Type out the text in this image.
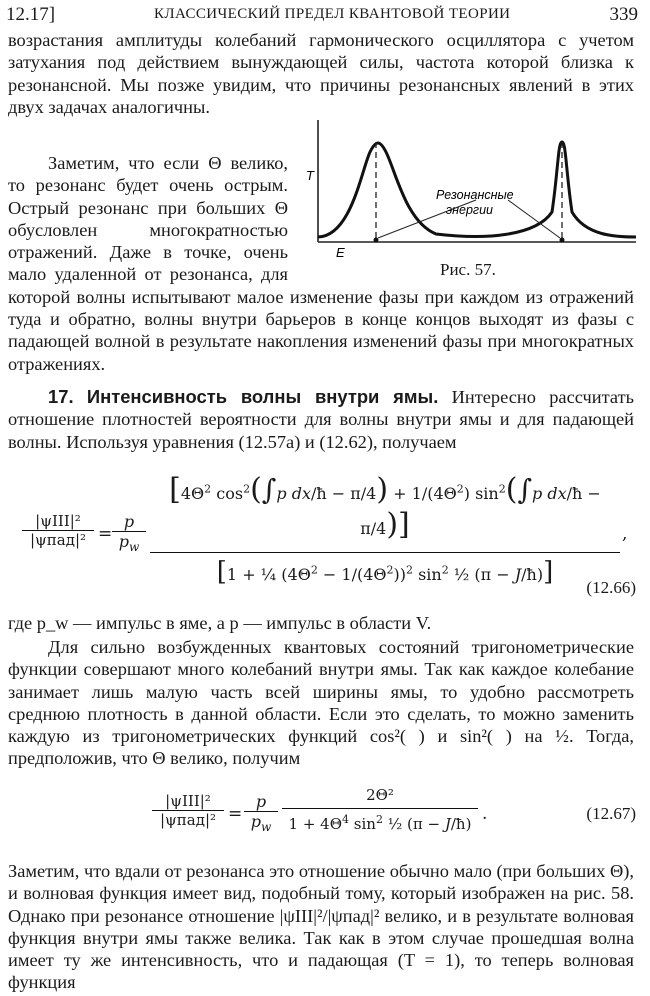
12.17]	КЛАССИЧЕСКИЙ ПРЕДЕЛ КВАНТОВОЙ ТЕОРИИ	339
возрастания амплитуды колебаний гармонического осциллятора с учетом затухания под действием вынуждающей силы, частота которой близка к резонансной. Мы позже увидим, что причины резонансных явлений в этих двух задачах аналогичны.
Заметим, что если Θ велико, то резонанс будет очень острым. Острый резонанс при больших Θ обусловлен многократностью отражений. Даже в точке, очень мало удаленной от резонанса, для которой волны испытывают малое изменение фазы при каждом из отражений туда и обратно, волны внутри барьеров в конце концов выходят из фазы с падающей волной в результате накопления изменений фазы при многократных отражениях.
T
E
Резонансные
энергии
Рис. 57.
17. Интенсивность волны внутри ямы. Интересно рассчитать отношение плотностей вероятности для волны внутри ямы и для падающей волны. Используя уравнения (12.57а) и (12.62), получаем
|ψIII|²
|ψпад|² =
p
$p_w$
[$4\Theta^2$ $\cos^2(\int p$ dx/ħ − $\pi/4) + 1/(4\Theta^2)$ $\sin^2(\int p$ dx/ħ − π/4)]
[1 + ¼ $(4\Theta^2 - 1/(4\Theta^2))^2$ $\sin^2$ ½ (π − J/ħ)]
,
(12.66)
где p_w — импульс в яме, а p — импульс в области V.
Для сильно возбужденных квантовых состояний тригонометрические функции совершают много колебаний внутри ямы. Так как каждое колебание занимает лишь малую часть всей ширины ямы, то удобно рассмотреть среднюю плотность в данной области. Если это сделать, то можно заменить каждую из тригонометрических функций cos²( ) и sin²( ) на ½. Тогда, предположив, что Θ велико, получим
|ψIII|²
|ψпад|² =
p
$p_w$
2Θ²
$1 + 4\Theta^4$ $\sin^2$ ½ (π − J/ħ) .	(12.67)
Заметим, что вдали от резонанса это отношение обычно мало (при больших Θ), и волновая функция имеет вид, подобный тому, который изображен на рис. 58. Однако при резонансе отношение |ψIII|²/|ψпад|² велико, и в результате волновая функция внутри ямы также велика. Так как в этом случае прошедшая волна имеет ту же интенсивность, что и падающая (T = 1), то теперь волновая функция
